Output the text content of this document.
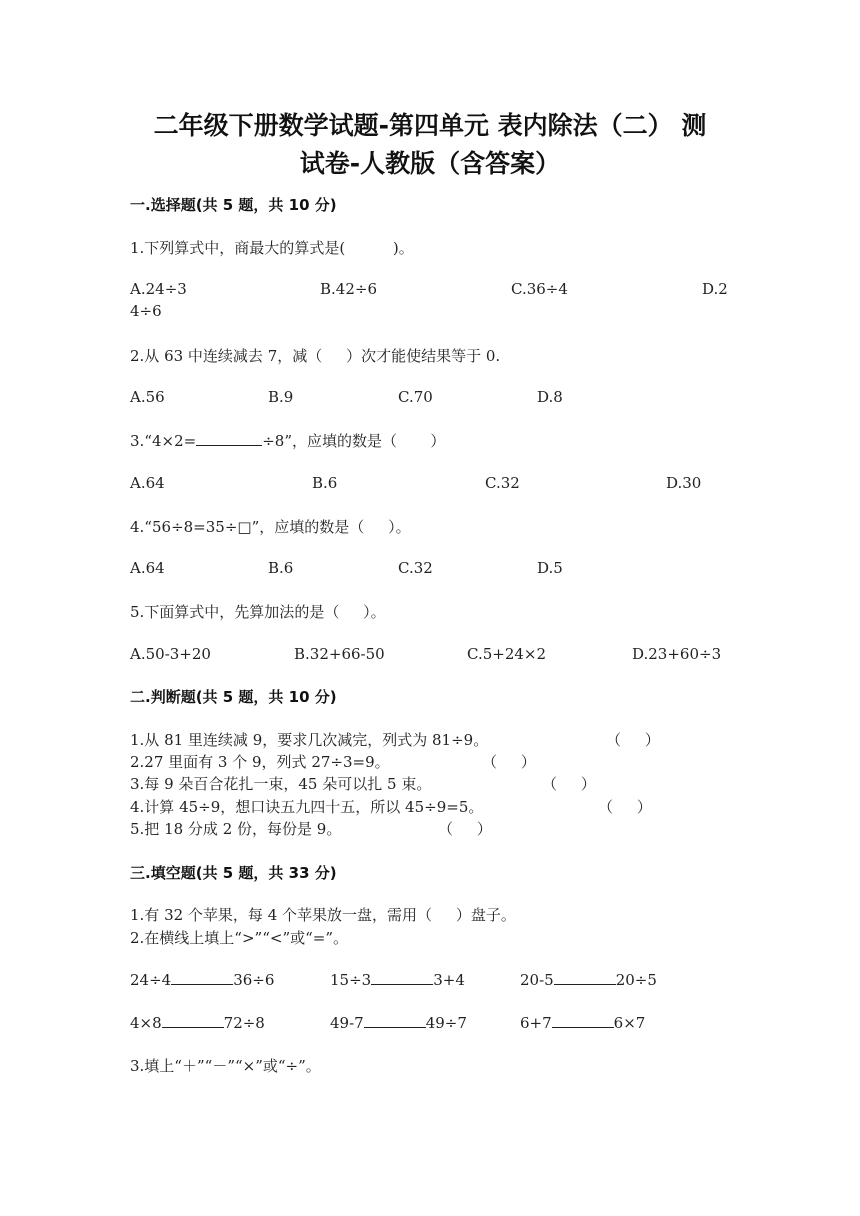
二年级下册数学试题-第四单元 表内除法（二） 测
试卷-人教版（含答案）
一.选择题(共 5 题，共 10 分)
1.下列算式中，商最大的算式是(          )。
A.24÷3	B.42÷6	C.36÷4	D.2
4÷6
2.从 63 中连续减去 7，减（     ）次才能使结果等于 0.
A.56	B.9	C.70	D.8
3.“4×2=	÷8”，应填的数是（       ）
A.64	B.6	C.32	D.30
4.“56÷8=35÷□”，应填的数是（     ）。
A.64	B.6	C.32	D.5
5.下面算式中，先算加法的是（     ）。
A.50-3+20	B.32+66-50	C.5+24×2	D.23+60÷3
二.判断题(共 5 题，共 10 分)
1.从 81 里连续减 9，要求几次减完，列式为 81÷9。	（     ）
2.27 里面有 3 个 9，列式 27÷3=9。	（     ）
3.每 9 朵百合花扎一束，45 朵可以扎 5 束。	（     ）
4.计算 45÷9，想口诀五九四十五，所以 45÷9=5。	（     ）
5.把 18 分成 2 份，每份是 9。	（     ）
三.填空题(共 5 题，共 33 分)
1.有 32 个苹果，每 4 个苹果放一盘，需用（     ）盘子。
2.在横线上填上“>”“<”或“=”。
24÷4	36÷6	15÷3	3+4	20-5	20÷5
4×8	72÷8	49-7	49÷7	6+7	6×7
3.填上“＋”“－”“×”或“÷”。
